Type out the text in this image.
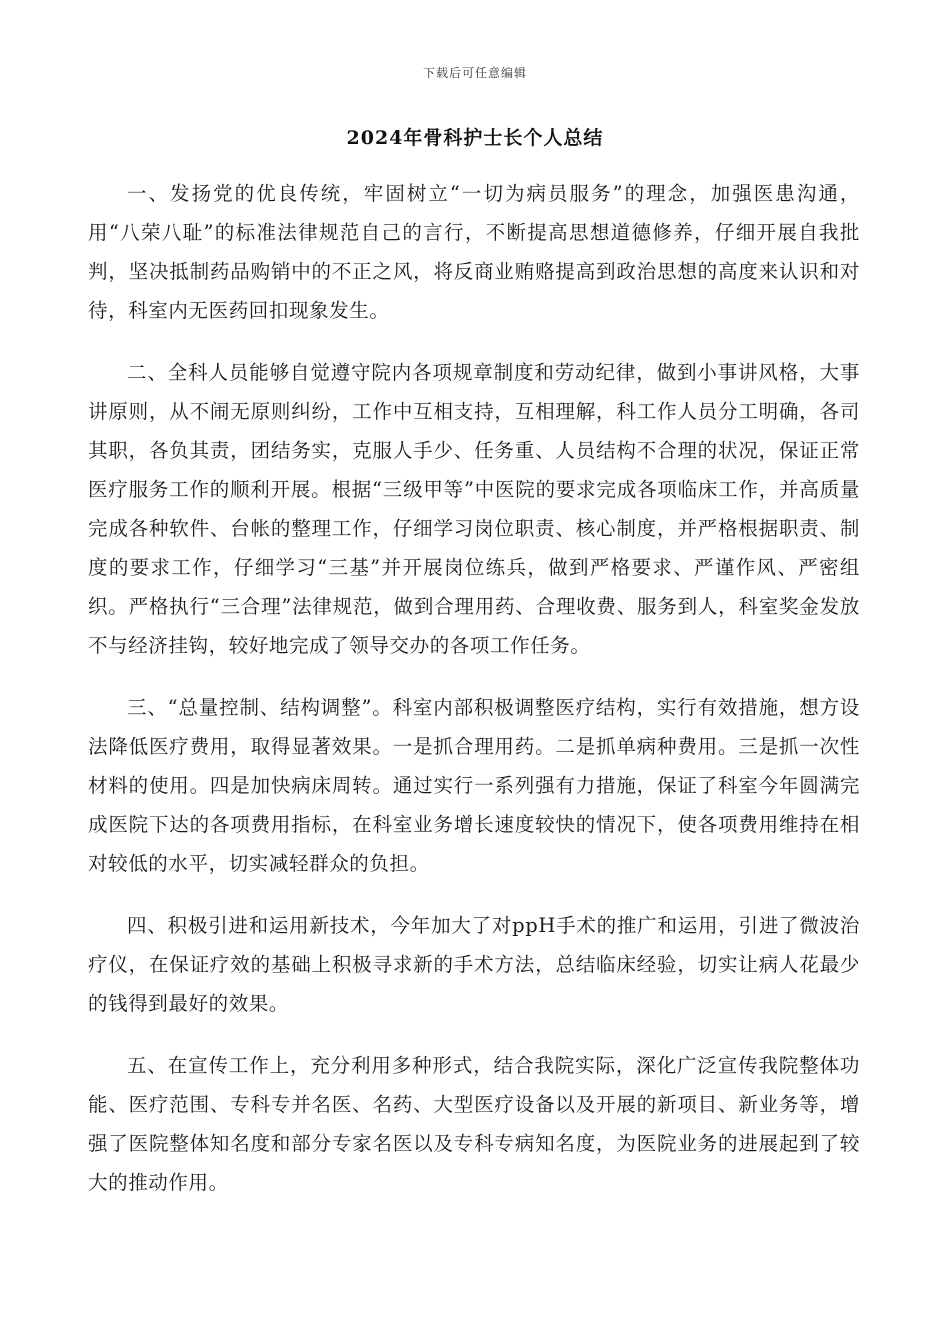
下载后可任意编辑
2024年骨科护士长个人总结

一、发扬党的优良传统，牢固树立“一切为病员服务”的理念，加强医患沟通，用“八荣八耻”的标准法律规范自己的言行，不断提高思想道德修养，仔细开展自我批判，坚决抵制药品购销中的不正之风，将反商业贿赂提高到政治思想的高度来认识和对待，科室内无医药回扣现象发生。

二、全科人员能够自觉遵守院内各项规章制度和劳动纪律，做到小事讲风格，大事讲原则，从不闹无原则纠纷，工作中互相支持，互相理解，科工作人员分工明确，各司其职，各负其责，团结务实，克服人手少、任务重、人员结构不合理的状况，保证正常医疗服务工作的顺利开展。根据“三级甲等”中医院的要求完成各项临床工作，并高质量完成各种软件、台帐的整理工作，仔细学习岗位职责、核心制度，并严格根据职责、制度的要求工作，仔细学习“三基”并开展岗位练兵，做到严格要求、严谨作风、严密组织。严格执行“三合理”法律规范，做到合理用药、合理收费、服务到人，科室奖金发放不与经济挂钩，较好地完成了领导交办的各项工作任务。

三、“总量控制、结构调整”。科室内部积极调整医疗结构，实行有效措施，想方设法降低医疗费用，取得显著效果。一是抓合理用药。二是抓单病种费用。三是抓一次性材料的使用。四是加快病床周转。通过实行一系列强有力措施，保证了科室今年圆满完成医院下达的各项费用指标，在科室业务增长速度较快的情况下，使各项费用维持在相对较低的水平，切实减轻群众的负担。

四、积极引进和运用新技术，今年加大了对ppH手术的推广和运用，引进了微波治疗仪，在保证疗效的基础上积极寻求新的手术方法，总结临床经验，切实让病人花最少的钱得到最好的效果。

五、在宣传工作上，充分利用多种形式，结合我院实际，深化广泛宣传我院整体功能、医疗范围、专科专并名医、名药、大型医疗设备以及开展的新项目、新业务等，增强了医院整体知名度和部分专家名医以及专科专病知名度，为医院业务的进展起到了较大的推动作用。
